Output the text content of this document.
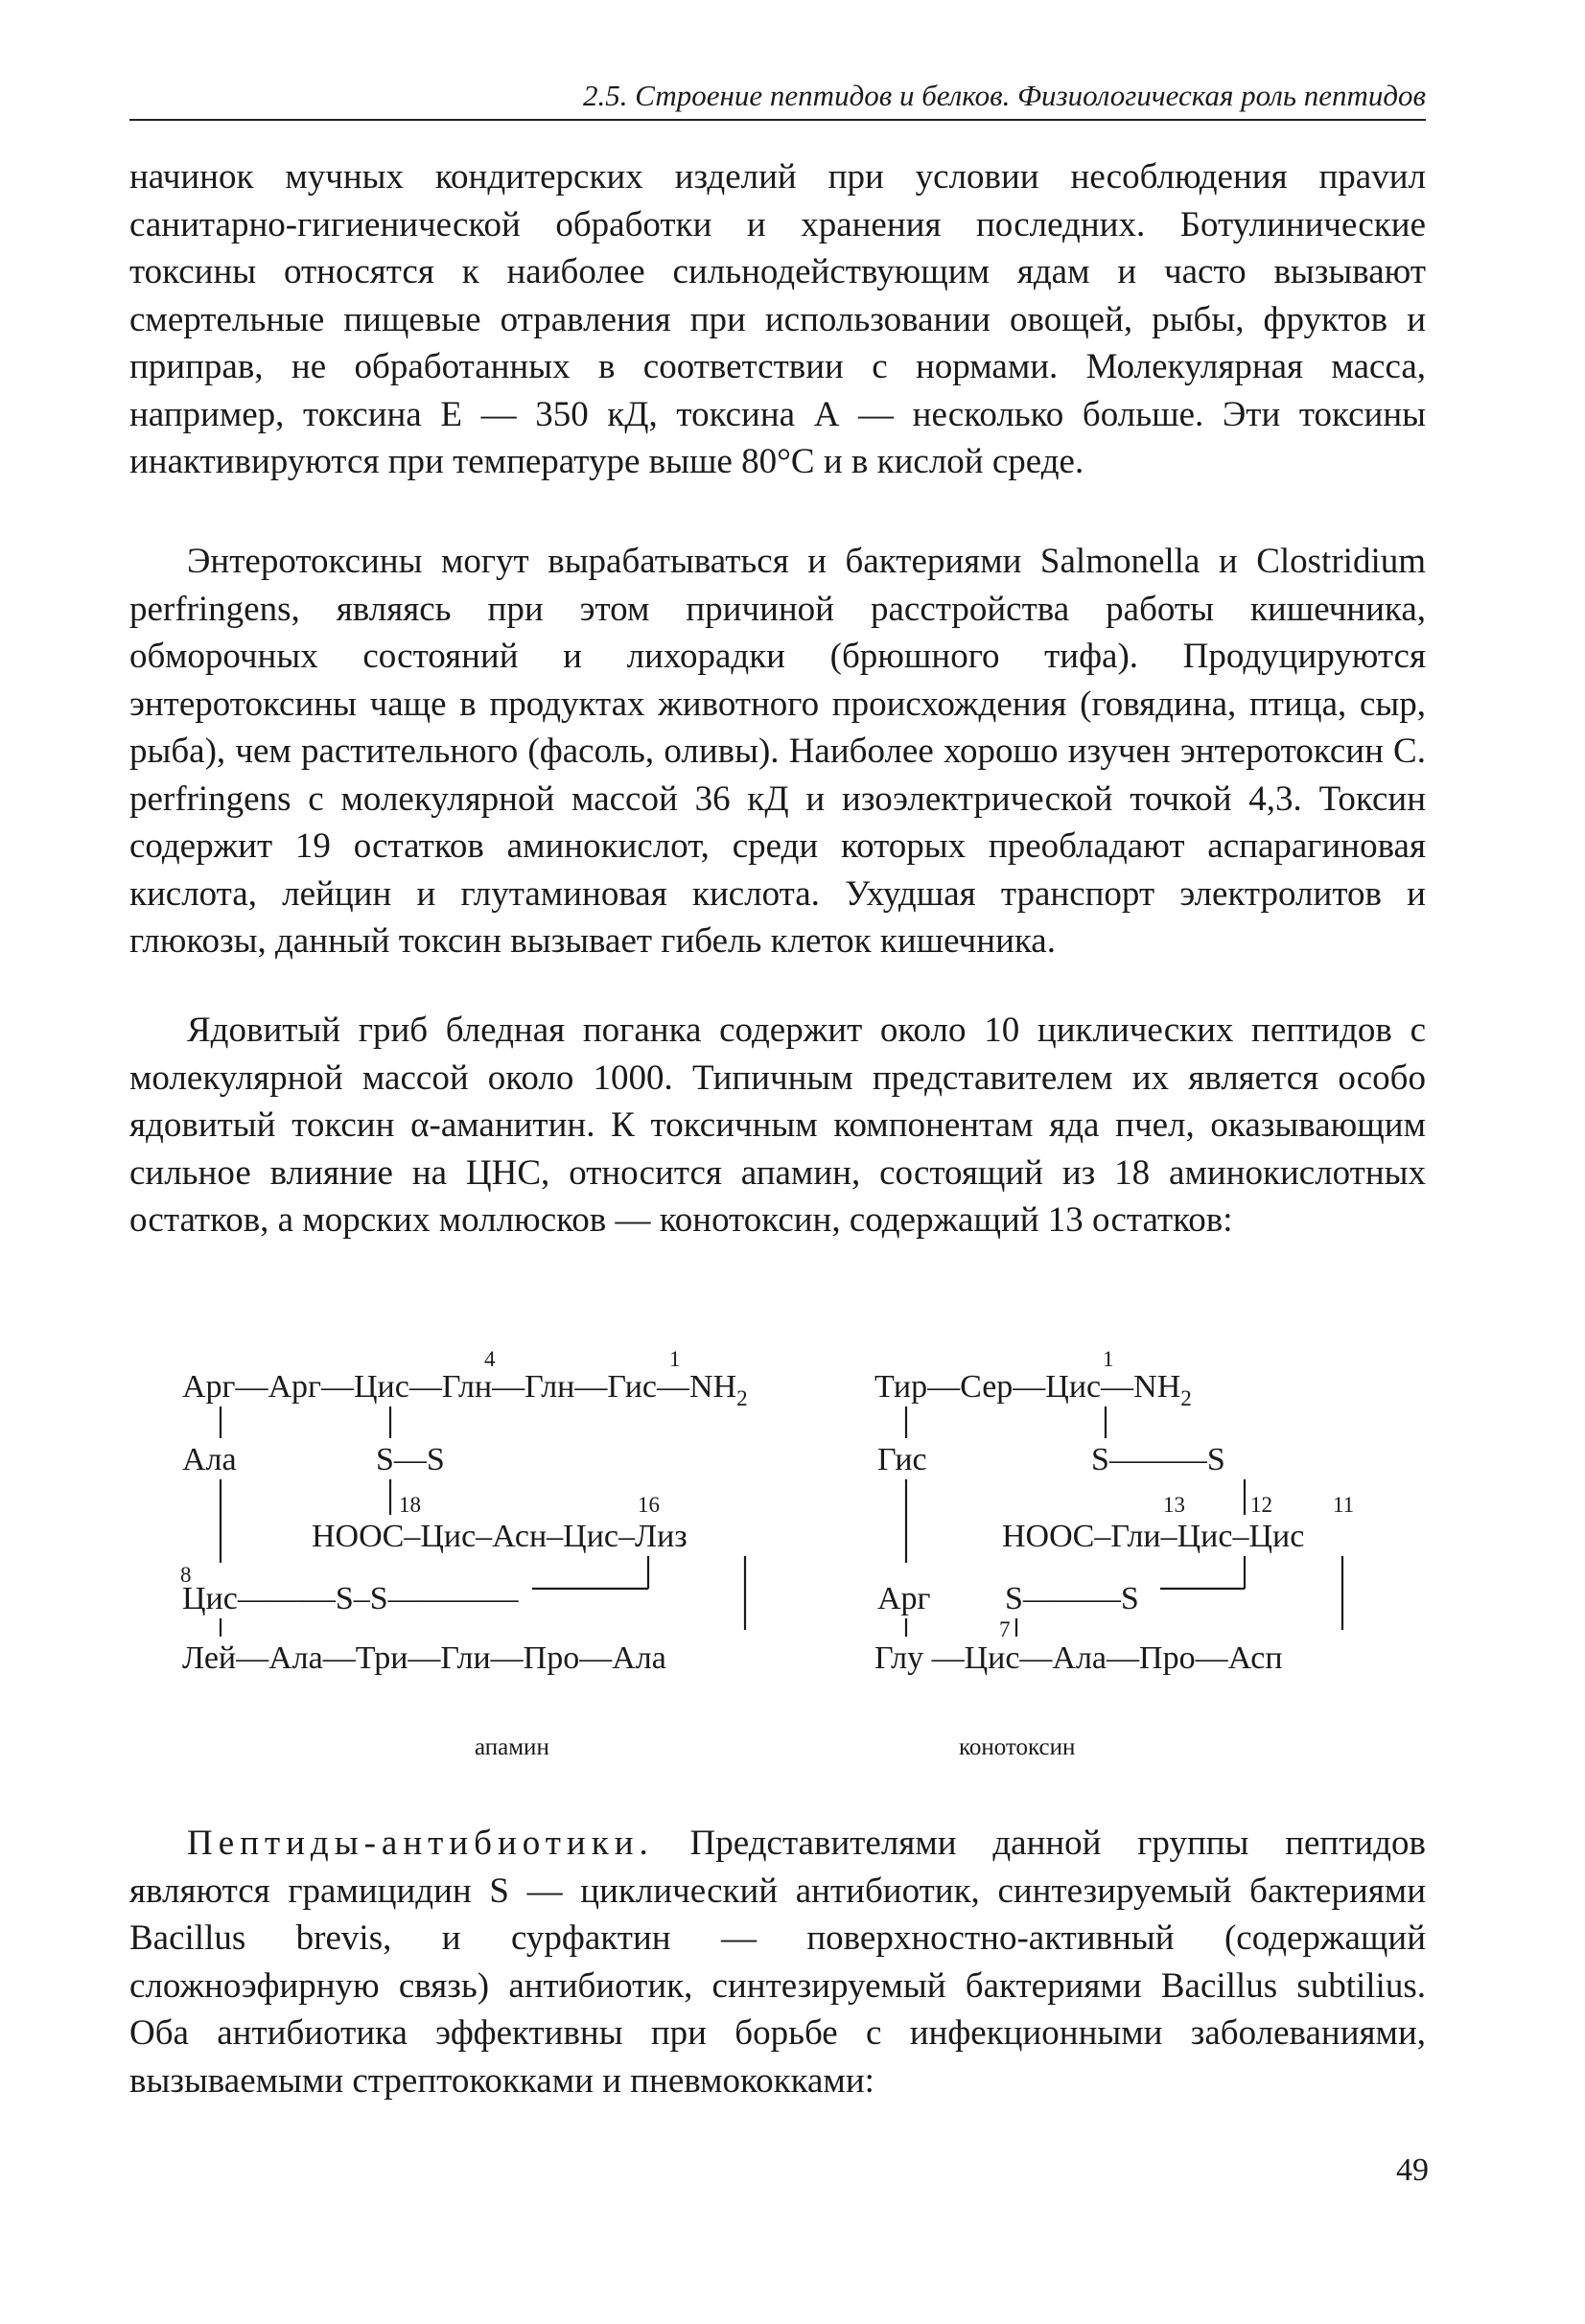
2.5. Строение пептидов и белков. Физиологическая роль пептидов

начинок мучных кондитерских изделий при условии несоблюдения праvил санитарно-гигиенической обработки и хранения последних. Ботулинические токсины относятся к наиболее сильнодействующим ядам и часто вызывают смертельные пищевые отравления при использовании овощей, рыбы, фруктов и приправ, не обработанных в соответствии с нормами. Молекулярная масса, например, токсина Е — 350 кД, токсина А — несколько больше. Эти токсины инактивируются при температуре выше 80°С и в кислой среде.

Энтеротоксины могут вырабатываться и бактериями Salmonella и Clostridium perfringens, являясь при этом причиной расстройства работы кишечника, обморочных состояний и лихорадки (брюшного тифа). Продуцируются энтеротоксины чаще в продуктах животного происхождения (говядина, птица, сыр, рыба), чем растительного (фасоль, оливы). Наиболее хорошо изучен энтеротоксин C. perfringens с молекулярной массой 36 кД и изоэлектрической точкой 4,3. Токсин содержит 19 остатков аминокислот, среди которых преобладают аспарагиновая кислота, лейцин и глутаминовая кислота. Ухудшая транспорт электролитов и глюкозы, данный токсин вызывает гибель клеток кишечника.

Ядовитый гриб бледная поганка содержит около 10 циклических пептидов с молекулярной массой около 1000. Типичным представителем их является особо ядовитый токсин α-аманитин. К токсичным компонентам яда пчел, оказывающим сильное влияние на ЦНС, относится апамин, состоящий из 18 аминокислотных остатков, а морских моллюсков — конотоксин, содержащий 13 остатков:

4	1
$Арг—Арг—Цис—Глн—Глн—Гис—NH_2$
Ала	S—S
18	16
HOOC–Цис–Асн–Цис–Лиз
8
Цис———S–S————
Лей—Ала—Три—Гли—Про—Ала
апамин
1
$Тир—Сер—Цис—NH_2$
Гис	S———S
13	12	11
HOOC–Гли–Цис–Цис
Арг S———S
7
Глу —Цис—Ала—Про—Асп
конотоксин

Пептиды-антибиотики. Представителями данной группы пептидов являются грамицидин S — циклический антибиотик, синтезируемый бактериями Bacillus brevis, и сурфактин — поверхностно-активный (содержащий сложноэфирную связь) антибиотик, синтезируемый бактериями Bacillus subtilius. Оба антибиотика эффективны при борьбе с инфекционными заболеваниями, вызываемыми стрептококками и пневмококками:

49
